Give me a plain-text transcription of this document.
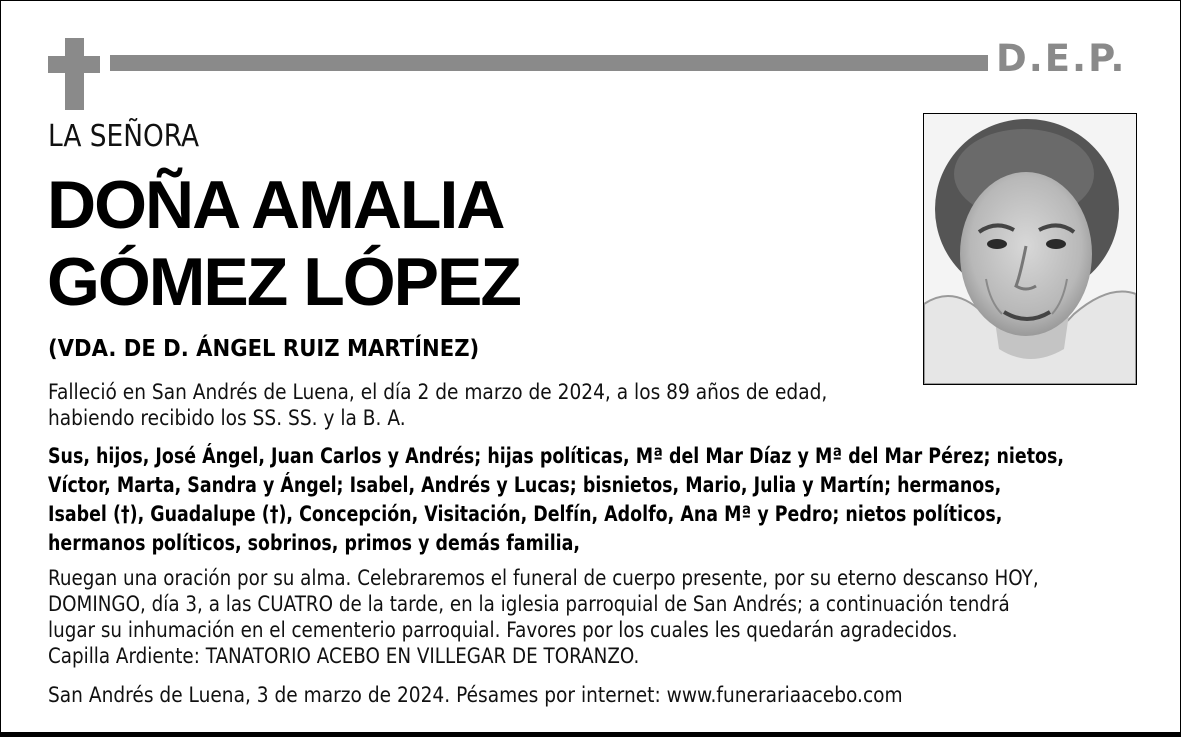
D.E.P.
LA SEÑORA
DOÑA AMALIA
GÓMEZ LÓPEZ
(VDA. DE D. ÁNGEL RUIZ MARTÍNEZ)
Falleció en San Andrés de Luena, el día 2 de marzo de 2024, a los 89 años de edad,
habiendo recibido los SS. SS. y la B. A.
Sus, hijos, José Ángel, Juan Carlos y Andrés; hijas políticas, Mª del Mar Díaz y Mª del Mar Pérez; nietos,
Víctor, Marta, Sandra y Ángel; Isabel, Andrés y Lucas; bisnietos, Mario, Julia y Martín; hermanos,
Isabel (†), Guadalupe (†), Concepción, Visitación, Delfín, Adolfo, Ana Mª y Pedro; nietos políticos,
hermanos políticos, sobrinos, primos y demás familia,
Ruegan una oración por su alma. Celebraremos el funeral de cuerpo presente, por su eterno descanso HOY,
DOMINGO, día 3, a las CUATRO de la tarde, en la iglesia parroquial de San Andrés; a continuación tendrá
lugar su inhumación en el cementerio parroquial. Favores por los cuales les quedarán agradecidos.
Capilla Ardiente: TANATORIO ACEBO EN VILLEGAR DE TORANZO.
San Andrés de Luena, 3 de marzo de 2024. Pésames por internet: www.funerariaacebo.com
